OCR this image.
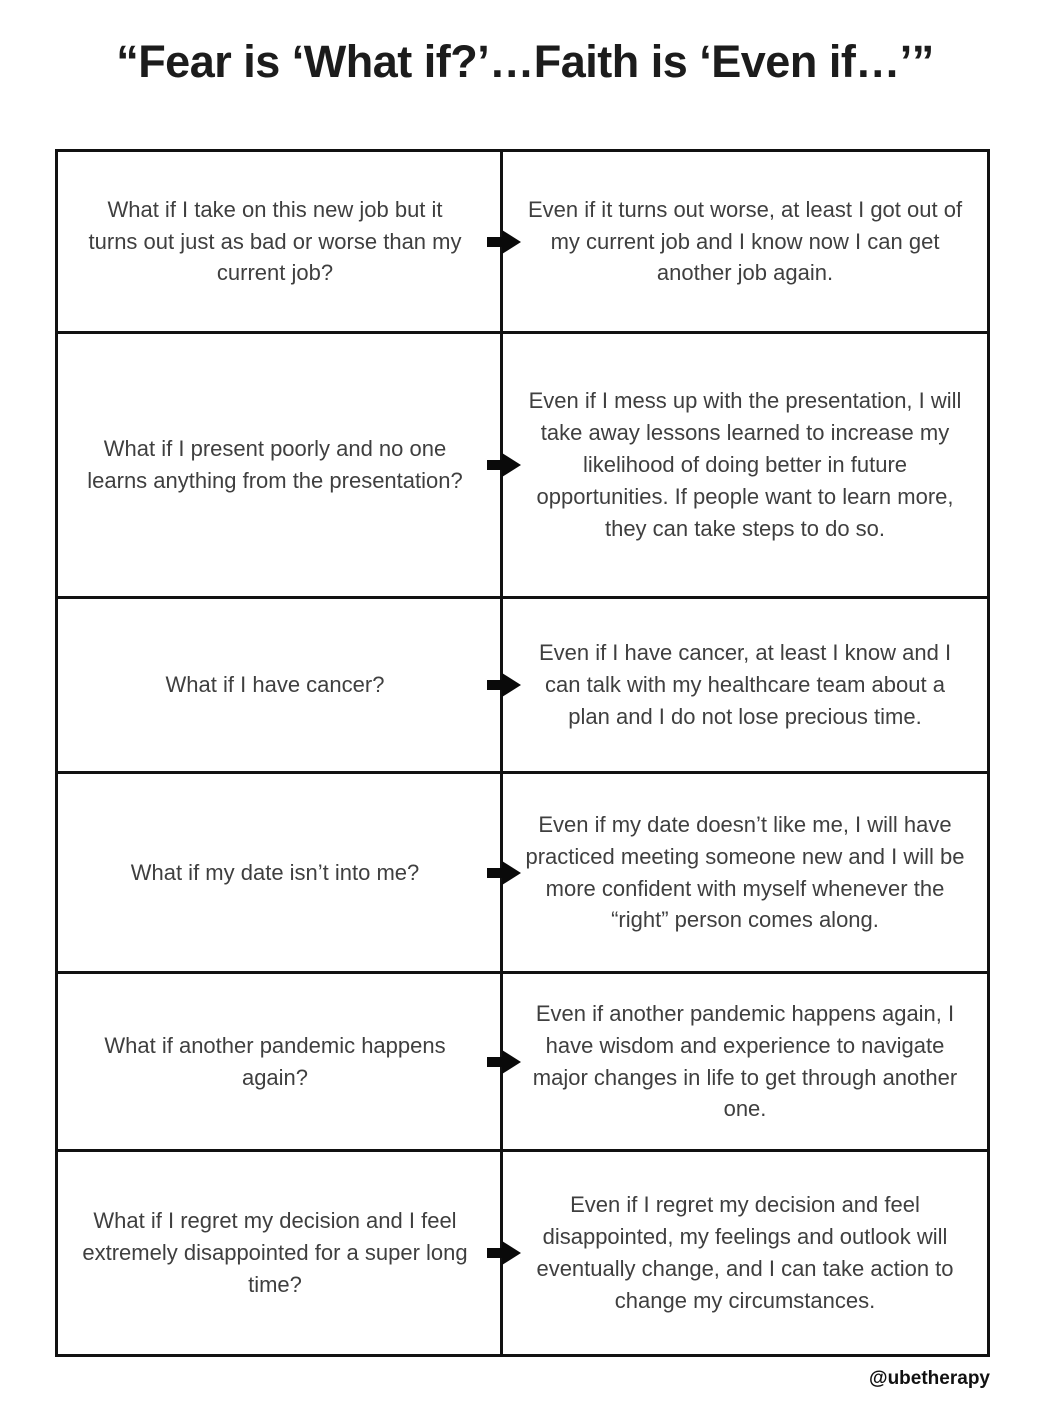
“Fear is ‘What if?’…Faith is ‘Even if…’”

What if I take on this new job but it turns out just as bad or worse than my current job?

Even if it turns out worse, at least I got out of my current job and I know now I can get another job again.

What if I present poorly and no one learns anything from the presentation?

Even if I mess up with the presentation, I will take away lessons learned to increase my likelihood of doing better in future opportunities. If people want to learn more, they can take steps to do so.

What if I have cancer?

Even if I have cancer, at least I know and I can talk with my healthcare team about a plan and I do not lose precious time.

What if my date isn’t into me?

Even if my date doesn’t like me, I will have practiced meeting someone new and I will be more confident with myself whenever the “right” person comes along.

What if another pandemic happens again?

Even if another pandemic happens again, I have wisdom and experience to navigate major changes in life to get through another one.

What if I regret my decision and I feel extremely disappointed for a super long time?

Even if I regret my decision and feel disappointed, my feelings and outlook will eventually change, and I can take action to change my circumstances.

@ubetherapy
